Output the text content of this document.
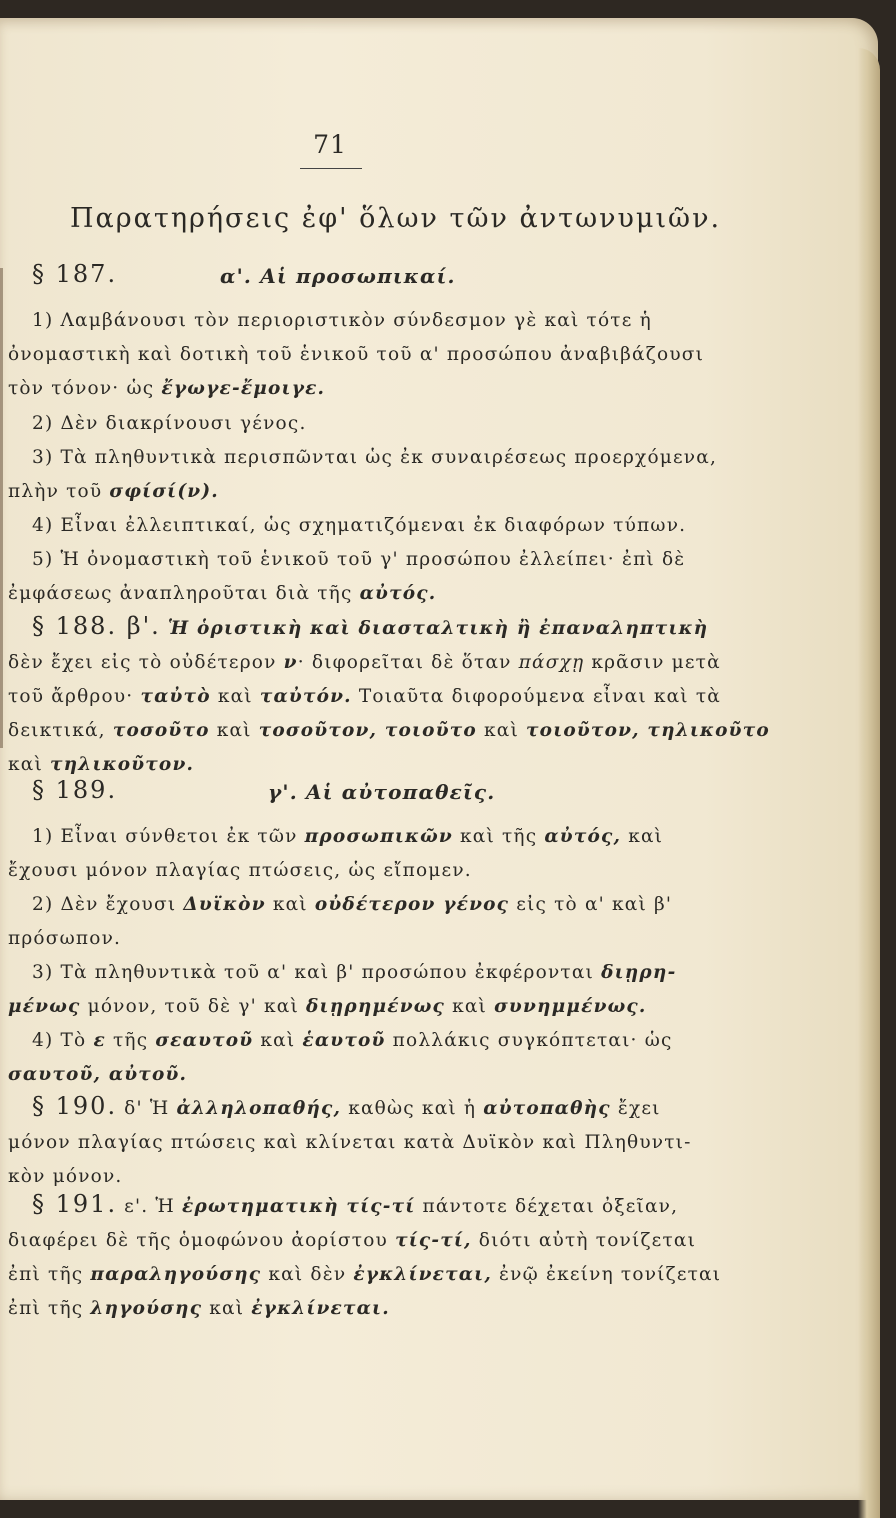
71
Παρατηρήσεις ἐφ' ὅλων τῶν ἀντωνυμιῶν.
§ 187.	α'. Αἱ προσωπικαί.
1) Λαμβάνουσι τὸν περιοριστικὸν σύνδεσμον γὲ καὶ τότε ἡ
ὀνομαστικὴ καὶ δοτικὴ τοῦ ἑνικοῦ τοῦ α' προσώπου ἀναβιβάζουσι
τὸν τόνον· ὡς ἔγωγε-ἔμοιγε.
2) Δὲν διακρίνουσι γένος.
3) Τὰ πληθυντικὰ περισπῶνται ὡς ἐκ συναιρέσεως προερχόμενα,
πλὴν τοῦ σφίσί(ν).
4) Εἶναι ἐλλειπτικαί, ὡς σχηματιζόμεναι ἐκ διαφόρων τύπων.
5) Ἡ ὀνομαστικὴ τοῦ ἑνικοῦ τοῦ γ' προσώπου ἐλλείπει· ἐπὶ δὲ
ἐμφάσεως ἀναπληροῦται διὰ τῆς αὐτός.
§ 188. β'. Ἡ ὁριστικὴ καὶ διασταλτικὴ ἢ ἐπαναληπτικὴ
δὲν ἔχει εἰς τὸ οὐδέτερον ν· διφορεῖται δὲ ὅταν πάσχῃ κρᾶσιν μετὰ
τοῦ ἄρθρου· ταὐτὸ καὶ ταὐτόν. Τοιαῦτα διφορούμενα εἶναι καὶ τὰ
δεικτικά, τοσοῦτο καὶ τοσοῦτον, τοιοῦτο καὶ τοιοῦτον, τηλικοῦτο
καὶ τηλικοῦτον.
§ 189.	γ'. Αἱ αὐτοπαθεῖς.
1) Εἶναι σύνθετοι ἐκ τῶν προσωπικῶν καὶ τῆς αὐτός, καὶ
ἔχουσι μόνον πλαγίας πτώσεις, ὡς εἴπομεν.
2) Δὲν ἔχουσι Δυϊκὸν καὶ οὐδέτερον γένος εἰς τὸ α' καὶ β'
πρόσωπον.
3) Τὰ πληθυντικὰ τοῦ α' καὶ β' προσώπου ἐκφέρονται διῃρη-
μένως μόνον, τοῦ δὲ γ' καὶ διῃρημένως καὶ συνημμένως.
4) Τὸ ε τῆς σεαυτοῦ καὶ ἑαυτοῦ πολλάκις συγκόπτεται· ὡς
σαυτοῦ, αὐτοῦ.
§ 190. δ' Ἡ ἀλληλοπαθής, καθὼς καὶ ἡ αὐτοπαθὴς ἔχει
μόνον πλαγίας πτώσεις καὶ κλίνεται κατὰ Δυϊκὸν καὶ Πληθυντι-
κὸν μόνον.
§ 191. ε'. Ἡ ἐρωτηματικὴ τίς-τί πάντοτε δέχεται ὀξεῖαν,
διαφέρει δὲ τῆς ὁμοφώνου ἀορίστου τίς-τί, διότι αὐτὴ τονίζεται
ἐπὶ τῆς παραληγούσης καὶ δὲν ἐγκλίνεται, ἐνῷ ἐκείνη τονίζεται
ἐπὶ τῆς ληγούσης καὶ ἐγκλίνεται.
